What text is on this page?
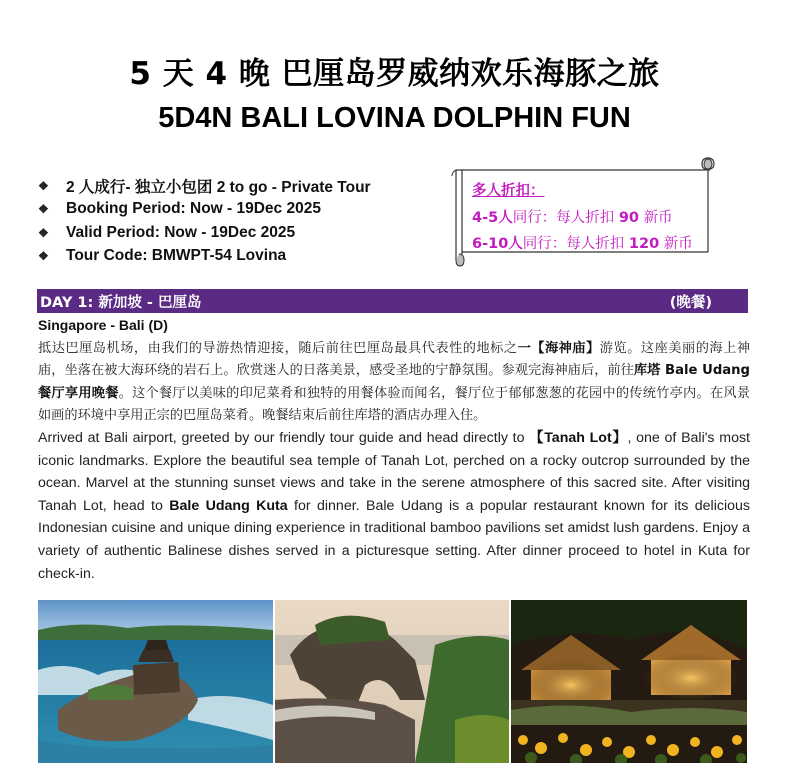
5 天 4 晚 巴厘岛罗威纳欢乐海豚之旅
5D4N BALI LOVINA DOLPHIN FUN
❖	2 人成行- 独立小包团 2 to go - Private Tour
❖	Booking Period: Now - 19Dec 2025
❖	Valid Period: Now - 19Dec 2025
❖	Tour Code: BMWPT-54 Lovina
多人折扣：
4-5人同行：每人折扣 90 新币
6-10人同行：每人折扣 120 新币
DAY 1: 新加坡 - 巴厘岛	(晚餐)
Singapore - Bali (D)

抵达巴厘岛机场，由我们的导游热情迎接，随后前往巴厘岛最具代表性的地标之一【海神庙】游览。这座美丽的海上神庙，坐落在被大海环绕的岩石上。欣赏迷人的日落美景，感受圣地的宁静氛围。参观完海神庙后，前往库塔 Bale Udang 餐厅享用晚餐。这个餐厅以美味的印尼菜肴和独特的用餐体验而闻名，餐厅位于郁郁葱葱的花园中的传统竹亭内。在风景如画的环境中享用正宗的巴厘岛菜肴。晚餐结束后前往库塔的酒店办理入住。

Arrived at Bali airport, greeted by our friendly tour guide and head directly to 【Tanah Lot】, one of Bali's most iconic landmarks. Explore the beautiful sea temple of Tanah Lot, perched on a rocky outcrop surrounded by the ocean. Marvel at the stunning sunset views and take in the serene atmosphere of this sacred site. After visiting Tanah Lot, head to Bale Udang Kuta for dinner. Bale Udang is a popular restaurant known for its delicious Indonesian cuisine and unique dining experience in traditional bamboo pavilions set amidst lush gardens. Enjoy a variety of authentic Balinese dishes served in a picturesque setting. After dinner proceed to hotel in Kuta for check-in.
